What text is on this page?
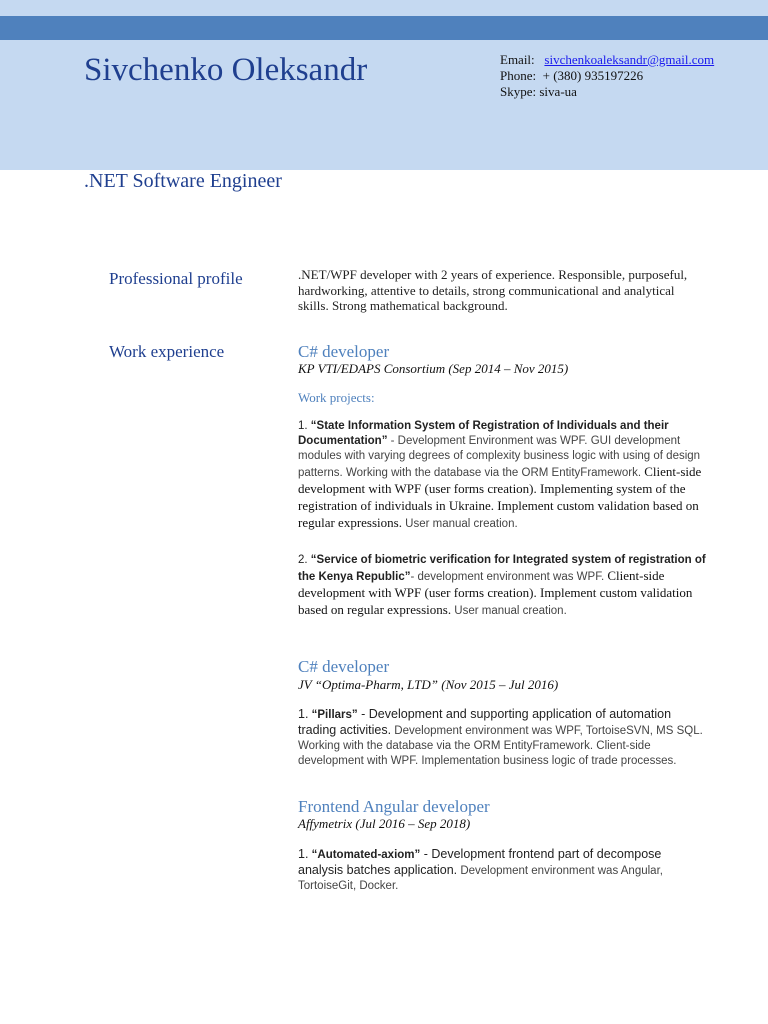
Sivchenko Oleksandr	Email: sivchenkoaleksandr@gmail.com
Phone: + (380) 935197226
Skype: siva-ua
.NET Software Engineer
Professional profile	.NET/WPF developer with 2 years of experience. Responsible, purposeful, hardworking, attentive to details, strong communicational and analytical skills. Strong mathematical background.
Work experience	C# developer
KP VTI/EDAPS Consortium (Sep 2014 – Nov 2015)
Work projects:
1. “State Information System of Registration of Individuals and their Documentation” - Development Environment was WPF. GUI development modules with varying degrees of complexity business logic with using of design patterns. Working with the database via the ORM EntityFramework. Client-side development with WPF (user forms creation). Implementing system of the registration of individuals in Ukraine. Implement custom validation based on regular expressions. User manual creation.
2. “Service of biometric verification for Integrated system of registration of the Kenya Republic”- development environment was WPF. Client-side development with WPF (user forms creation). Implement custom validation based on regular expressions. User manual creation.
C# developer
JV “Optima-Pharm, LTD” (Nov 2015 – Jul 2016)
1. “Pillars” - Development and supporting application of automation trading activities. Development environment was WPF, TortoiseSVN, MS SQL. Working with the database via the ORM EntityFramework. Client-side development with WPF. Implementation business logic of trade processes.
Frontend Angular developer
Affymetrix (Jul 2016 – Sep 2018)
1. “Automated-axiom” - Development frontend part of decompose analysis batches application. Development environment was Angular, TortoiseGit, Docker.
